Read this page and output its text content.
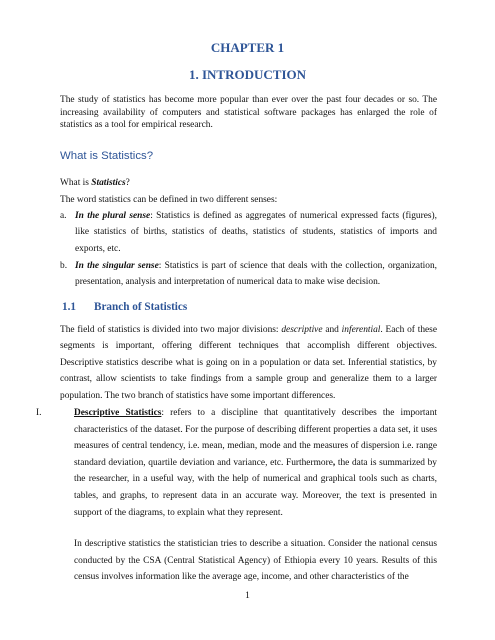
CHAPTER 1
1. INTRODUCTION
The study of statistics has become more popular than ever over the past four decades or so. The increasing availability of computers and statistical software packages has enlarged the role of statistics as a tool for empirical research.
What is Statistics?
What is Statistics?
The word statistics can be defined in two different senses:
a. In the plural sense: Statistics is defined as aggregates of numerical expressed facts (figures), like statistics of births, statistics of deaths, statistics of students, statistics of imports and exports, etc.
b. In the singular sense: Statistics is part of science that deals with the collection, organization, presentation, analysis and interpretation of numerical data to make wise decision.
1.1 Branch of Statistics
The field of statistics is divided into two major divisions: descriptive and inferential. Each of these segments is important, offering different techniques that accomplish different objectives. Descriptive statistics describe what is going on in a population or data set. Inferential statistics, by contrast, allow scientists to take findings from a sample group and generalize them to a larger population. The two branch of statistics have some important differences.
I.	Descriptive Statistics: refers to a discipline that quantitatively describes the important characteristics of the dataset. For the purpose of describing different properties a data set, it uses measures of central tendency, i.e. mean, median, mode and the measures of dispersion i.e. range standard deviation, quartile deviation and variance, etc. Furthermore, the data is summarized by the researcher, in a useful way, with the help of numerical and graphical tools such as charts, tables, and graphs, to represent data in an accurate way. Moreover, the text is presented in support of the diagrams, to explain what they represent.
In descriptive statistics the statistician tries to describe a situation. Consider the national census conducted by the CSA (Central Statistical Agency) of Ethiopia every 10 years. Results of this census involves information like the average age, income, and other characteristics of the
1
